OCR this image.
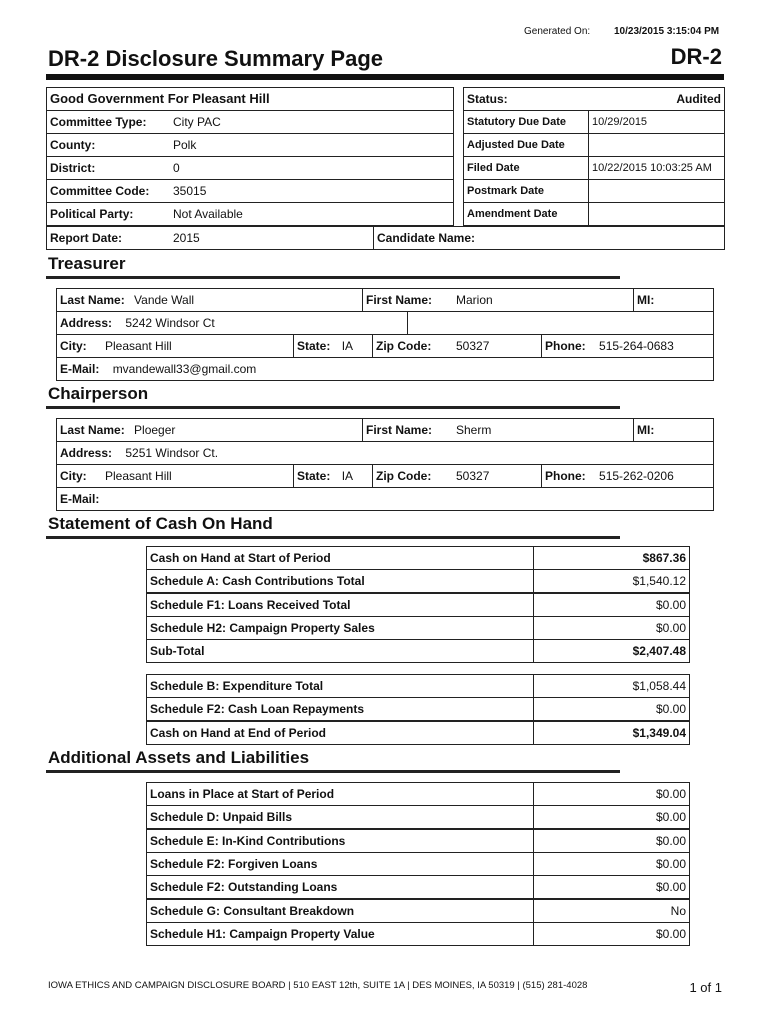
Generated On: 10/23/2015 3:15:04 PM
DR-2 Disclosure Summary Page	DR-2
Good Government For Pleasant Hill
Committee Type: City PAC
County:	Polk
District:	0
Committee Code: 35015
Political Party:	Not Available
Report Date:	2015	Candidate Name:
Status:	Audited
Statutory Due Date	10/29/2015
Adjusted Due Date
Filed Date	10/22/2015 10:03:25 AM
Postmark Date
Amendment Date
Treasurer
Last Name: Vande Wall	First Name: Marion	MI:
Address: 5242 Windsor Ct
City: Pleasant Hill	State: IA	Zip Code: 50327	Phone: 515-264-0683
E-Mail: mvandewall33@gmail.com
Chairperson
Last Name: Ploeger	First Name: Sherm	MI:
Address: 5251 Windsor Ct.
City: Pleasant Hill	State: IA	Zip Code: 50327	Phone: 515-262-0206
E-Mail:
Statement of Cash On Hand
Cash on Hand at Start of Period	$867.36
Schedule A: Cash Contributions Total	$1,540.12
Schedule F1: Loans Received Total	$0.00
Schedule H2: Campaign Property Sales	$0.00
Sub-Total	$2,407.48
Schedule B: Expenditure Total	$1,058.44
Schedule F2: Cash Loan Repayments	$0.00
Cash on Hand at End of Period	$1,349.04
Additional Assets and Liabilities
Loans in Place at Start of Period	$0.00
Schedule D: Unpaid Bills	$0.00
Schedule E: In-Kind Contributions	$0.00
Schedule F2: Forgiven Loans	$0.00
Schedule F2: Outstanding Loans	$0.00
Schedule G: Consultant Breakdown	No
Schedule H1: Campaign Property Value	$0.00
IOWA ETHICS AND CAMPAIGN DISCLOSURE BOARD | 510 EAST 12th, SUITE 1A | DES MOINES, IA 50319 | (515) 281-4028	1 of 1
